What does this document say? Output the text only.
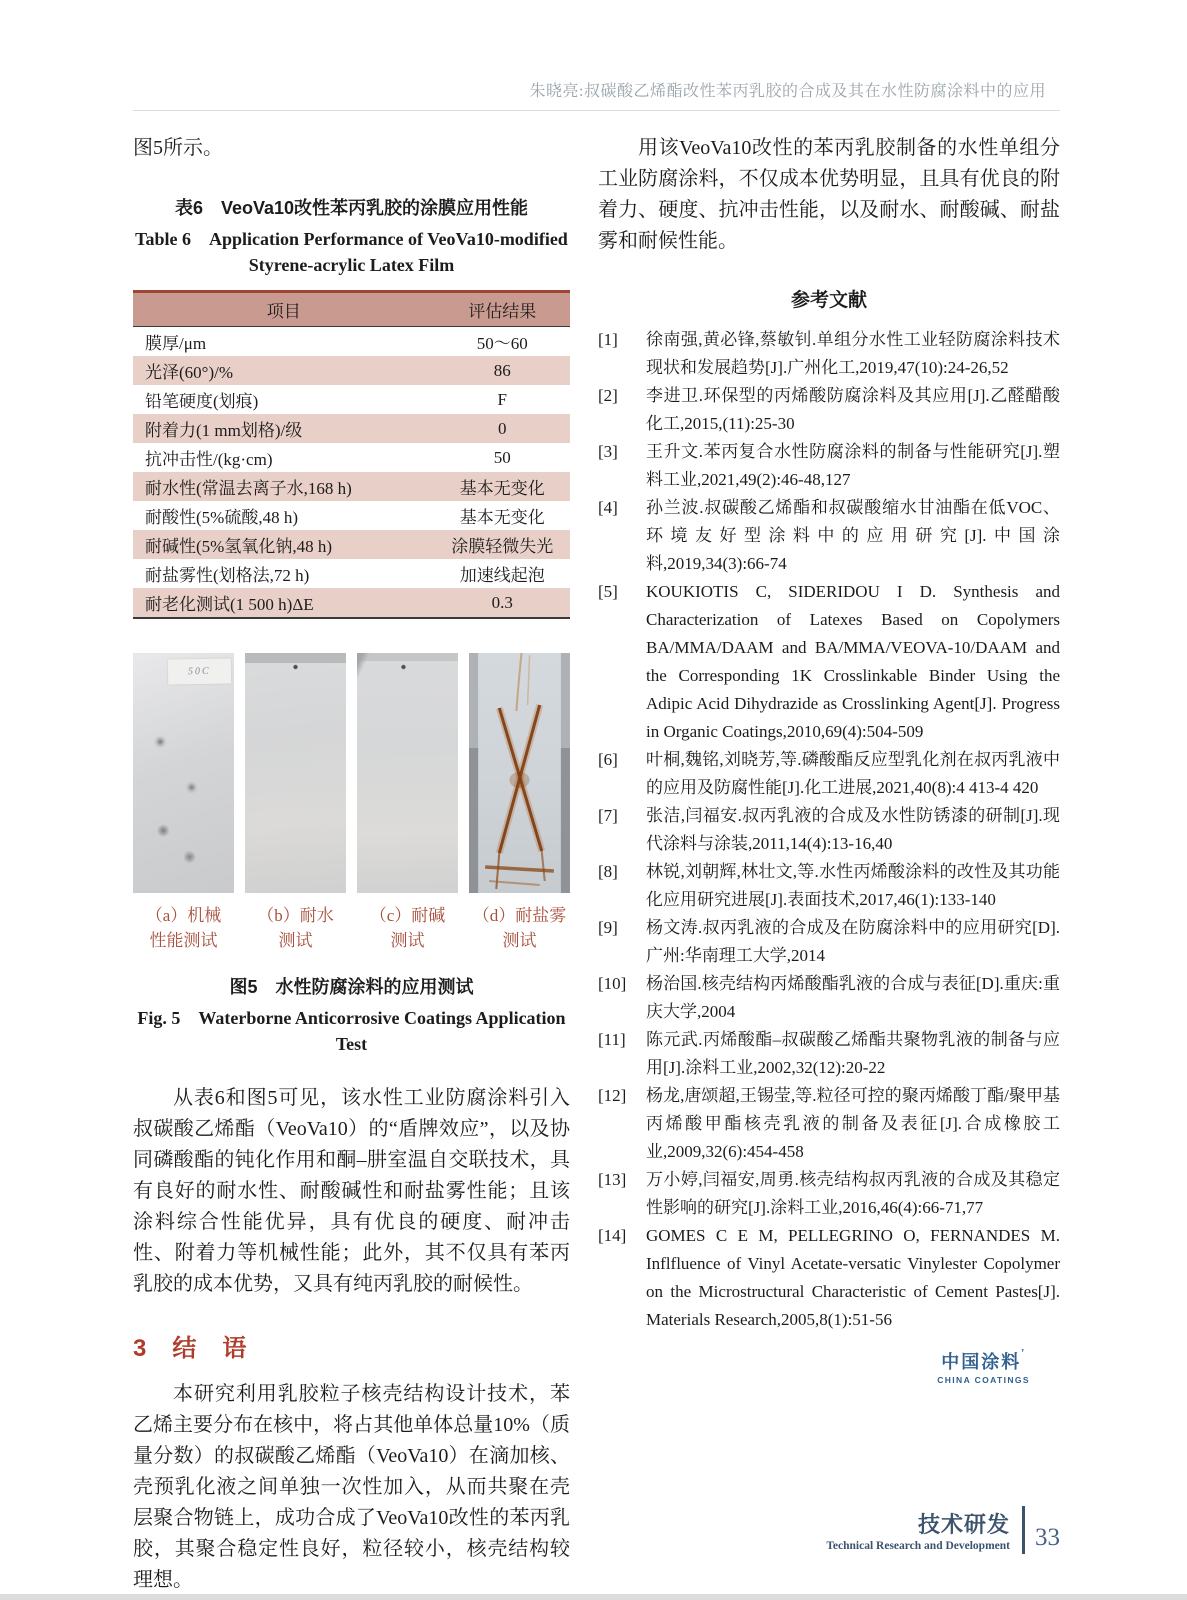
朱晓亮:叔碳酸乙烯酯改性苯丙乳胶的合成及其在水性防腐涂料中的应用

图5所示。

表6　VeoVa10改性苯丙乳胶的涂膜应用性能
Table 6　Application Performance of VeoVa10-modified Styrene-acrylic Latex Film
项目	评估结果
膜厚/μm	50～60
光泽(60°)/%	86
铅笔硬度(划痕)	F
附着力(1 mm划格)/级	0
抗冲击性/(kg·cm)	50
耐水性(常温去离子水,168 h)	基本无变化
耐酸性(5%硫酸,48 h)	基本无变化
耐碱性(5%氢氧化钠,48 h)	涂膜轻微失光
耐盐雾性(划格法,72 h)	加速线起泡
耐老化测试(1 500 h)ΔE	0.3
50C
（a）机械
性能测试
（b）耐水
测试
（c）耐碱
测试
（d）耐盐雾
测试
图5　水性防腐涂料的应用测试
Fig. 5　Waterborne Anticorrosive Coatings Application Test

从表6和图5可见，该水性工业防腐涂料引入叔碳酸乙烯酯（VeoVa10）的“盾牌效应”，以及协同磷酸酯的钝化作用和酮–肼室温自交联技术，具有良好的耐水性、耐酸碱性和耐盐雾性能；且该涂料综合性能优异，具有优良的硬度、耐冲击性、附着力等机械性能；此外，其不仅具有苯丙乳胶的成本优势，又具有纯丙乳胶的耐候性。

3　结　语

本研究利用乳胶粒子核壳结构设计技术，苯乙烯主要分布在核中，将占其他单体总量10%（质量分数）的叔碳酸乙烯酯（VeoVa10）在滴加核、壳预乳化液之间单独一次性加入，从而共聚在壳层聚合物链上，成功合成了VeoVa10改性的苯丙乳胶，其聚合稳定性良好，粒径较小，核壳结构较理想。

用该VeoVa10改性的苯丙乳胶制备的水性单组分工业防腐涂料，不仅成本优势明显，且具有优良的附着力、硬度、抗冲击性能，以及耐水、耐酸碱、耐盐雾和耐候性能。

参考文献
[1]	徐南强,黄必锋,蔡敏钊.单组分水性工业轻防腐涂料技术现状和发展趋势[J].广州化工,2019,47(10):24-26,52
[2]	李进卫.环保型的丙烯酸防腐涂料及其应用[J].乙醛醋酸化工,2015,(11):25-30
[3]	王升文.苯丙复合水性防腐涂料的制备与性能研究[J].塑料工业,2021,49(2):46-48,127
[4]	孙兰波.叔碳酸乙烯酯和叔碳酸缩水甘油酯在低VOC、环境友好型涂料中的应用研究[J].中国涂料,2019,34(3):66-74
[5]	KOUKIOTIS C, SIDERIDOU I D. Synthesis and Characterization of Latexes Based on Copolymers BA/MMA/DAAM and BA/MMA/VEOVA-10/DAAM and the Corresponding 1K Crosslinkable Binder Using the Adipic Acid Dihydrazide as Crosslinking Agent[J]. Progress in Organic Coatings,2010,69(4):504-509
[6]	叶桐,魏铭,刘晓芳,等.磷酸酯反应型乳化剂在叔丙乳液中的应用及防腐性能[J].化工进展,2021,40(8):4 413-4 420
[7]	张洁,闫福安.叔丙乳液的合成及水性防锈漆的研制[J].现代涂料与涂装,2011,14(4):13-16,40
[8]	林锐,刘朝辉,林壮文,等.水性丙烯酸涂料的改性及其功能化应用研究进展[J].表面技术,2017,46(1):133-140
[9]	杨文涛.叔丙乳液的合成及在防腐涂料中的应用研究[D].广州:华南理工大学,2014
[10]	杨治国.核壳结构丙烯酸酯乳液的合成与表征[D].重庆:重庆大学,2004
[11]	陈元武.丙烯酸酯–叔碳酸乙烯酯共聚物乳液的制备与应用[J].涂料工业,2002,32(12):20-22
[12]	杨龙,唐颂超,王锡莹,等.粒径可控的聚丙烯酸丁酯/聚甲基丙烯酸甲酯核壳乳液的制备及表征[J].合成橡胶工业,2009,32(6):454-458
[13]	万小婷,闫福安,周勇.核壳结构叔丙乳液的合成及其稳定性影响的研究[J].涂料工业,2016,46(4):66-71,77
[14]	GOMES C E M, PELLEGRINO O, FERNANDES M. Inflfluence of Vinyl Acetate-versatic Vinylester Copolymer on the Microstructural Characteristic of Cement Pastes[J]. Materials Research,2005,8(1):51-56
中国涂料’
CHINA COATINGS
技术研发
Technical Research and Development 33
